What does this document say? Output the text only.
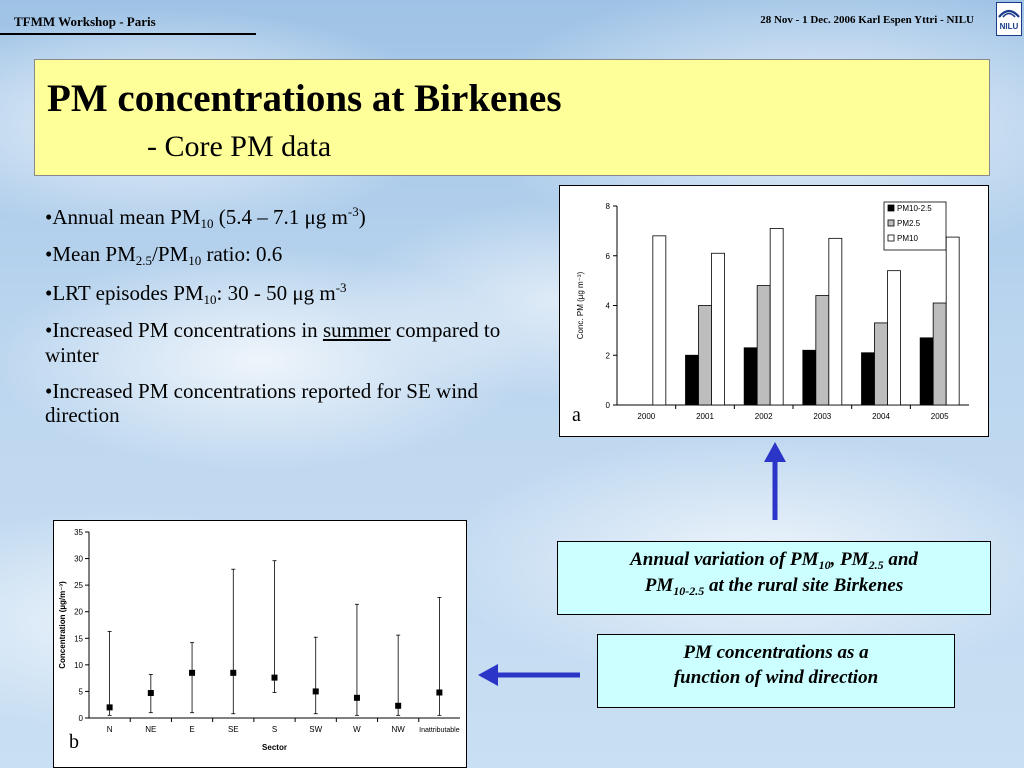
TFMM Workshop - Paris	28 Nov - 1 Dec. 2006 Karl Espen Yttri - NILU
NILU
PM concentrations at Birkenes
- Core PM data
•Annual mean $PM_{10}$ (5.4 – 7.1 μg $m^{-3}$)
•Mean $PM_{2.5}/PM_{10}$ ratio: 0.6
•LRT episodes $PM_{10}$: 30 - 50 μg $m^{-3}$
•Increased PM concentrations in summer compared to winter
•Increased PM concentrations reported for SE wind direction	0
2
4
6
8
2000	2001	2002	2003	2004	2005
Conc. PM (µg m⁻³)
PM10-2.5
PM2.5
PM10
a
0
5
10
15
20
25
30
35
N	NE	E	SE	S	SW	W	NW Inattributable
Concentration (µg/m⁻³)
Sector
b
Annual variation of $PM_{10}$, $PM_{2.5}$ and
$PM_{10-2.5}$ at the rural site Birkenes
PM concentrations as a
function of wind direction
